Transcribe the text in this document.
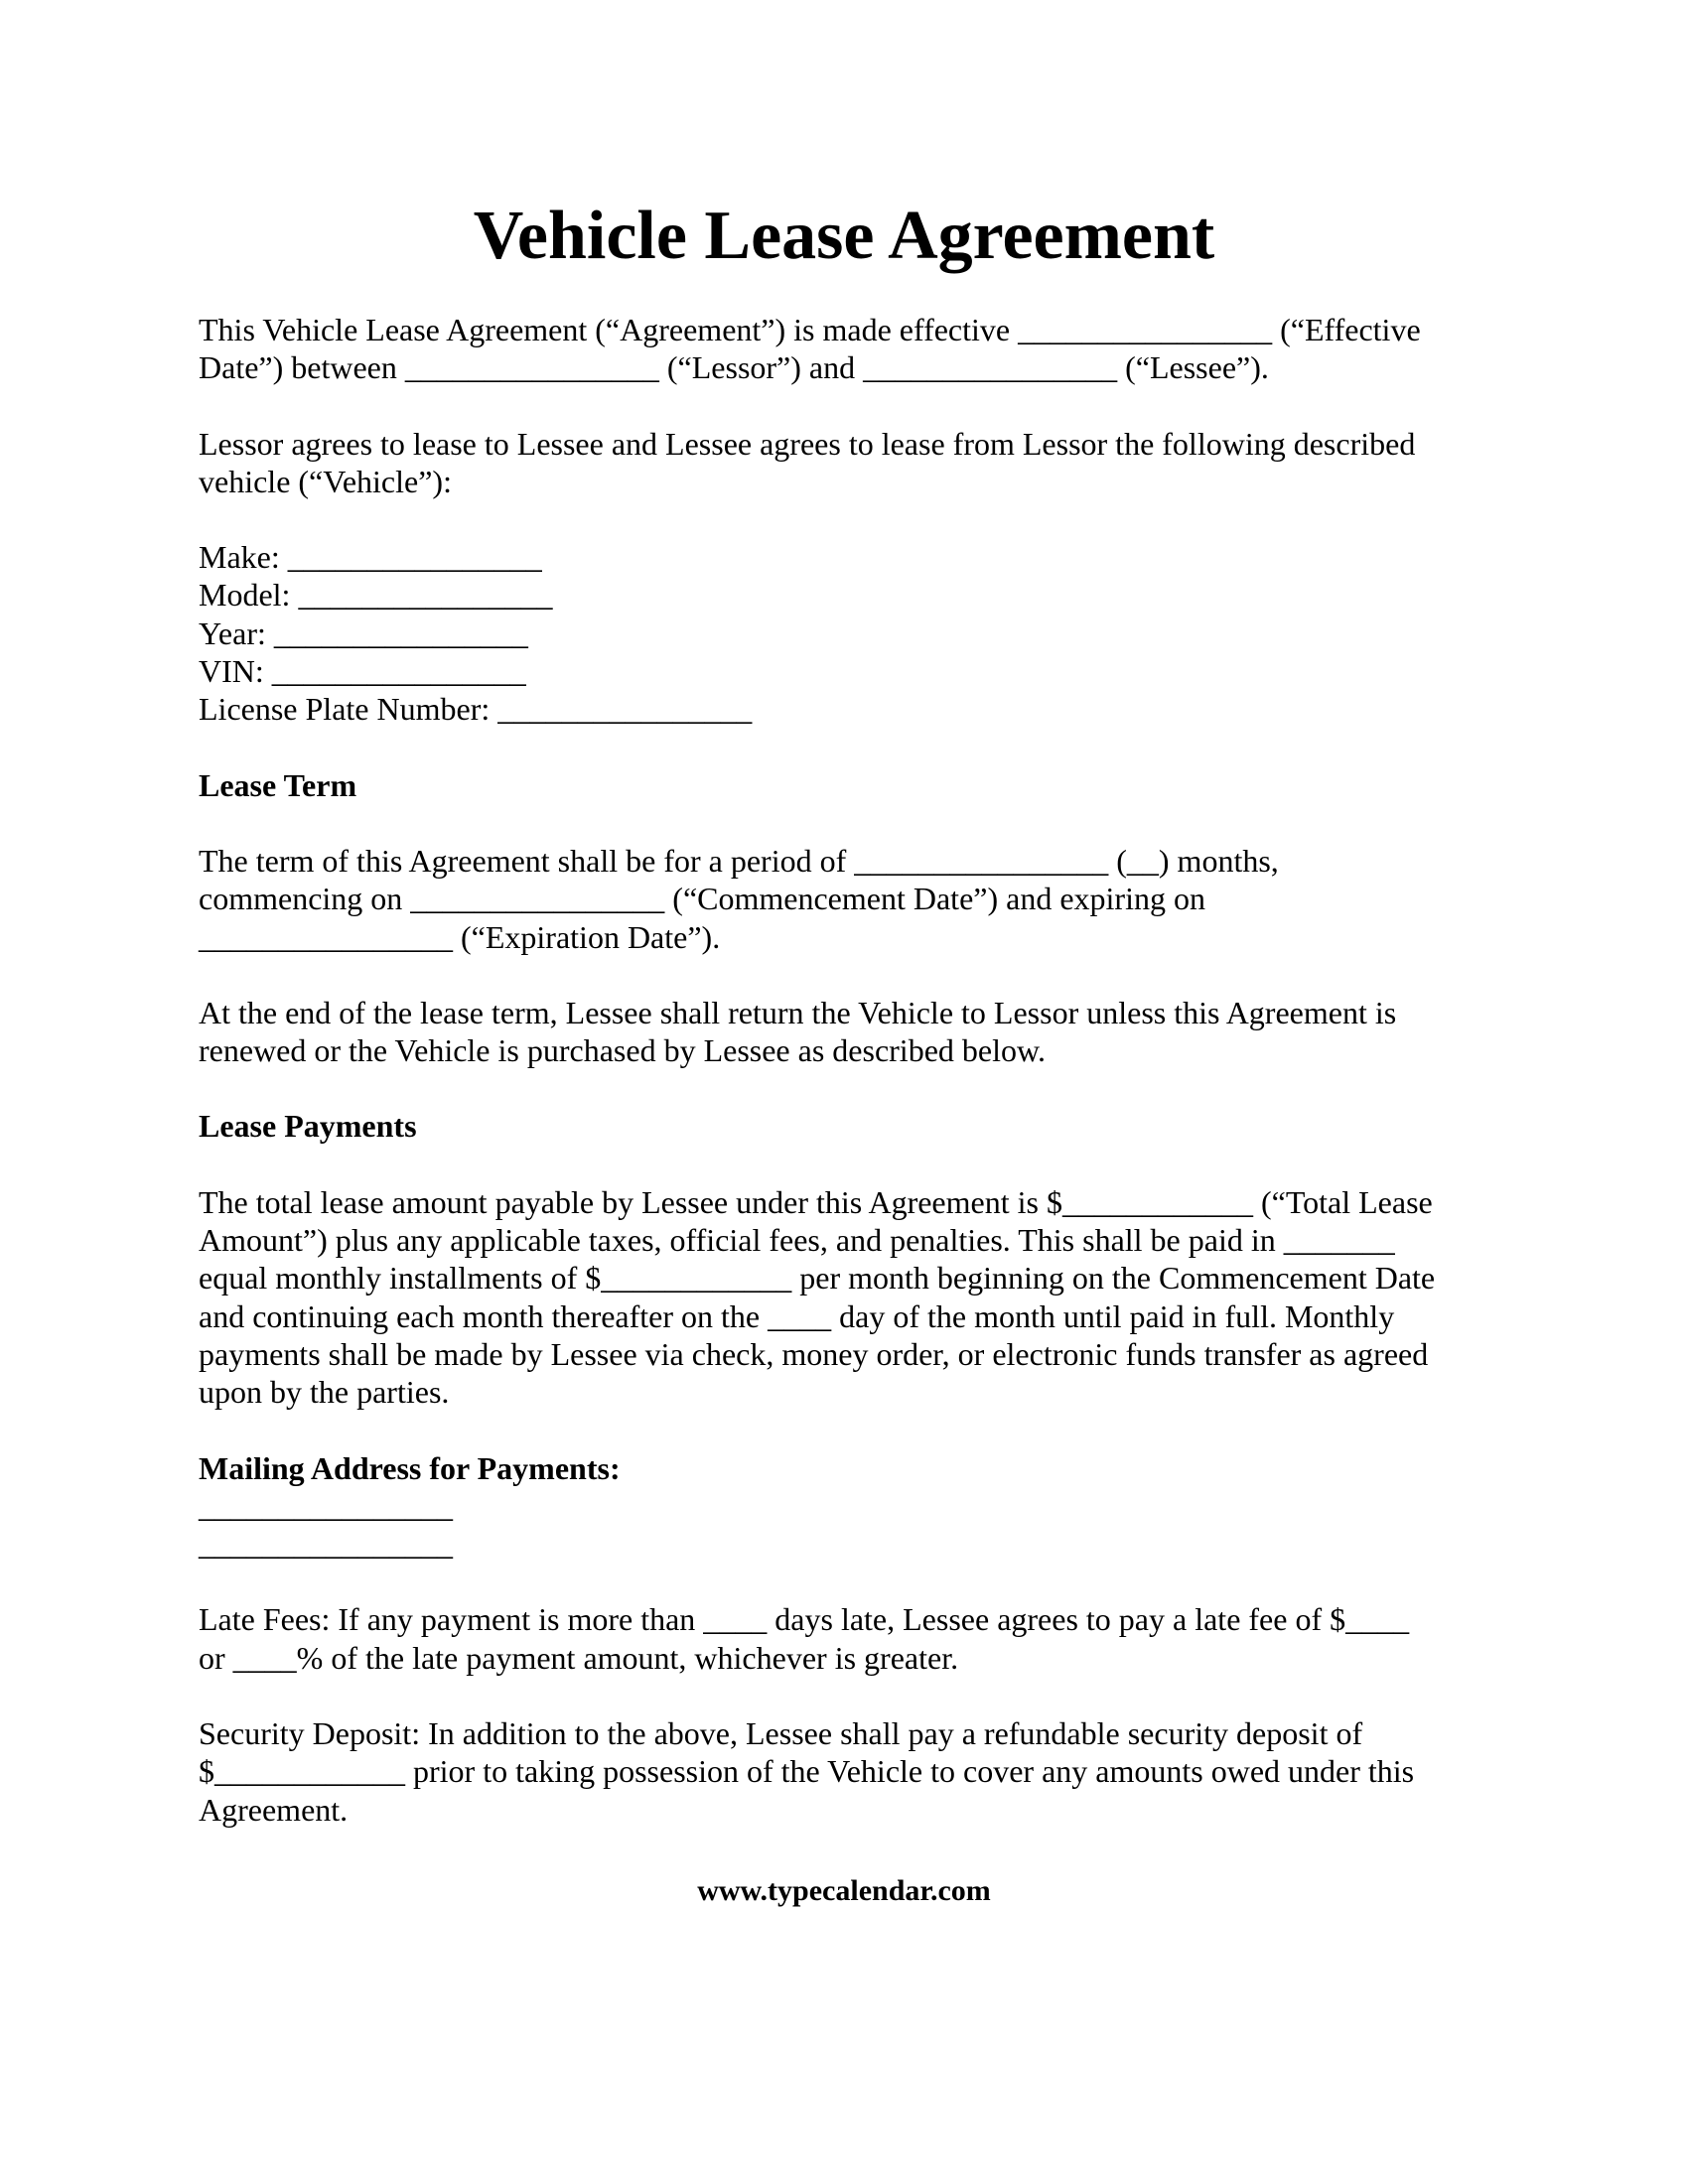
Vehicle Lease Agreement

This Vehicle Lease Agreement (“Agreement”) is made effective ________________ (“Effective

Date”) between ________________ (“Lessor”) and ________________ (“Lessee”).

Lessor agrees to lease to Lessee and Lessee agrees to lease from Lessor the following described

vehicle (“Vehicle”):

Make: ________________

Model: ________________

Year: ________________

VIN: ________________

License Plate Number: ________________

Lease Term

The term of this Agreement shall be for a period of ________________ (__) months,

commencing on ________________ (“Commencement Date”) and expiring on

________________ (“Expiration Date”).

At the end of the lease term, Lessee shall return the Vehicle to Lessor unless this Agreement is

renewed or the Vehicle is purchased by Lessee as described below.

Lease Payments

The total lease amount payable by Lessee under this Agreement is $____________ (“Total Lease

Amount”) plus any applicable taxes, official fees, and penalties. This shall be paid in _______

equal monthly installments of $____________ per month beginning on the Commencement Date

and continuing each month thereafter on the ____ day of the month until paid in full. Monthly

payments shall be made by Lessee via check, money order, or electronic funds transfer as agreed

upon by the parties.

Mailing Address for Payments:

________________

________________

Late Fees: If any payment is more than ____ days late, Lessee agrees to pay a late fee of $____

or ____% of the late payment amount, whichever is greater.

Security Deposit: In addition to the above, Lessee shall pay a refundable security deposit of

$____________ prior to taking possession of the Vehicle to cover any amounts owed under this

Agreement.

www.typecalendar.com
